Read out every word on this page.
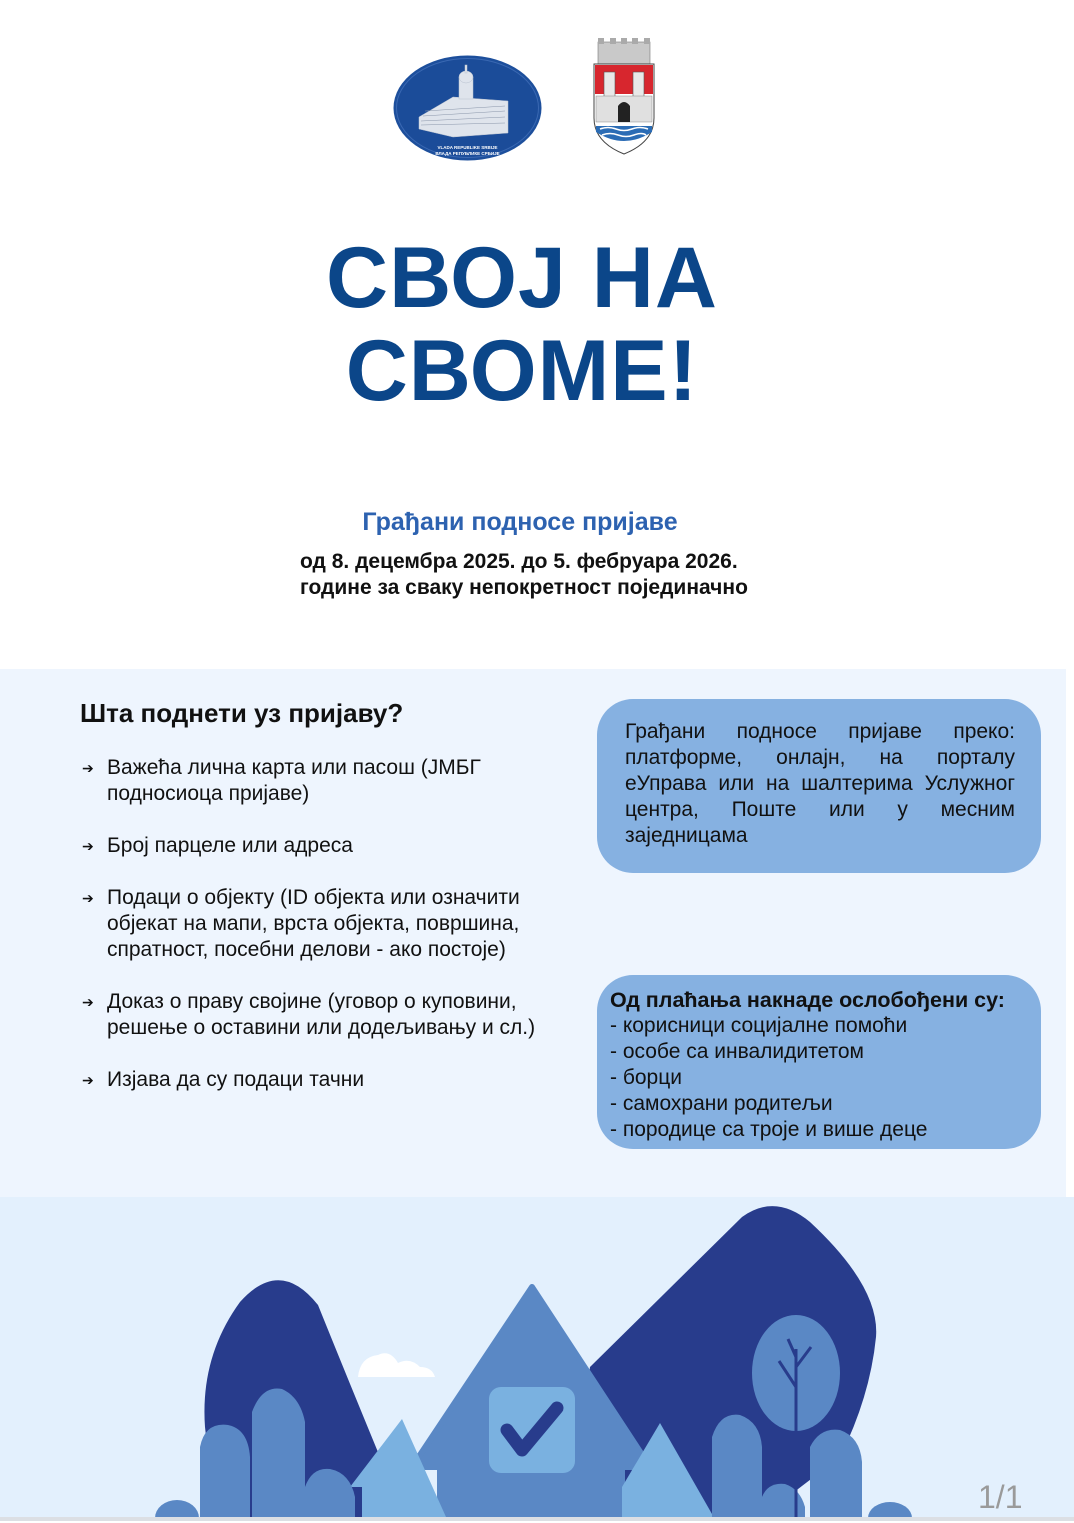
VLADA REPUBLIKE SRBIJE
ВЛАДА РЕПУБЛИКЕ СРБИЈЕ
СВОЈ НА
СВОМЕ!
Грађани подносе пријаве
од 8. децембра 2025. до 5. фебруара 2026.
године за сваку непокретност појединачно
Шта поднети уз пријаву?
➔ Важећа лична карта или пасош (ЈМБГ подносиоца пријаве)
➔ Број парцеле или адреса
➔ Подаци о објекту (ID објекта или означити објекат на мапи, врста објекта, површина, спратност, посебни делови - ако постоје)
➔ Доказ о праву својине (уговор о куповини, решење о оставини или додељивању и сл.)
➔ Изјава да су подаци тачни

Грађани подносе пријаве преко: платформе, онлајн, на порталу еУправа или на шалтерима Услужног центра, Поште или у месним заједницама

Од плаћања накнаде ослобођени су:
- корисници социјалне помоћи
- особе са инвалидитетом
- борци
- самохрани родитељи
- породице са троје и више деце
1/1
